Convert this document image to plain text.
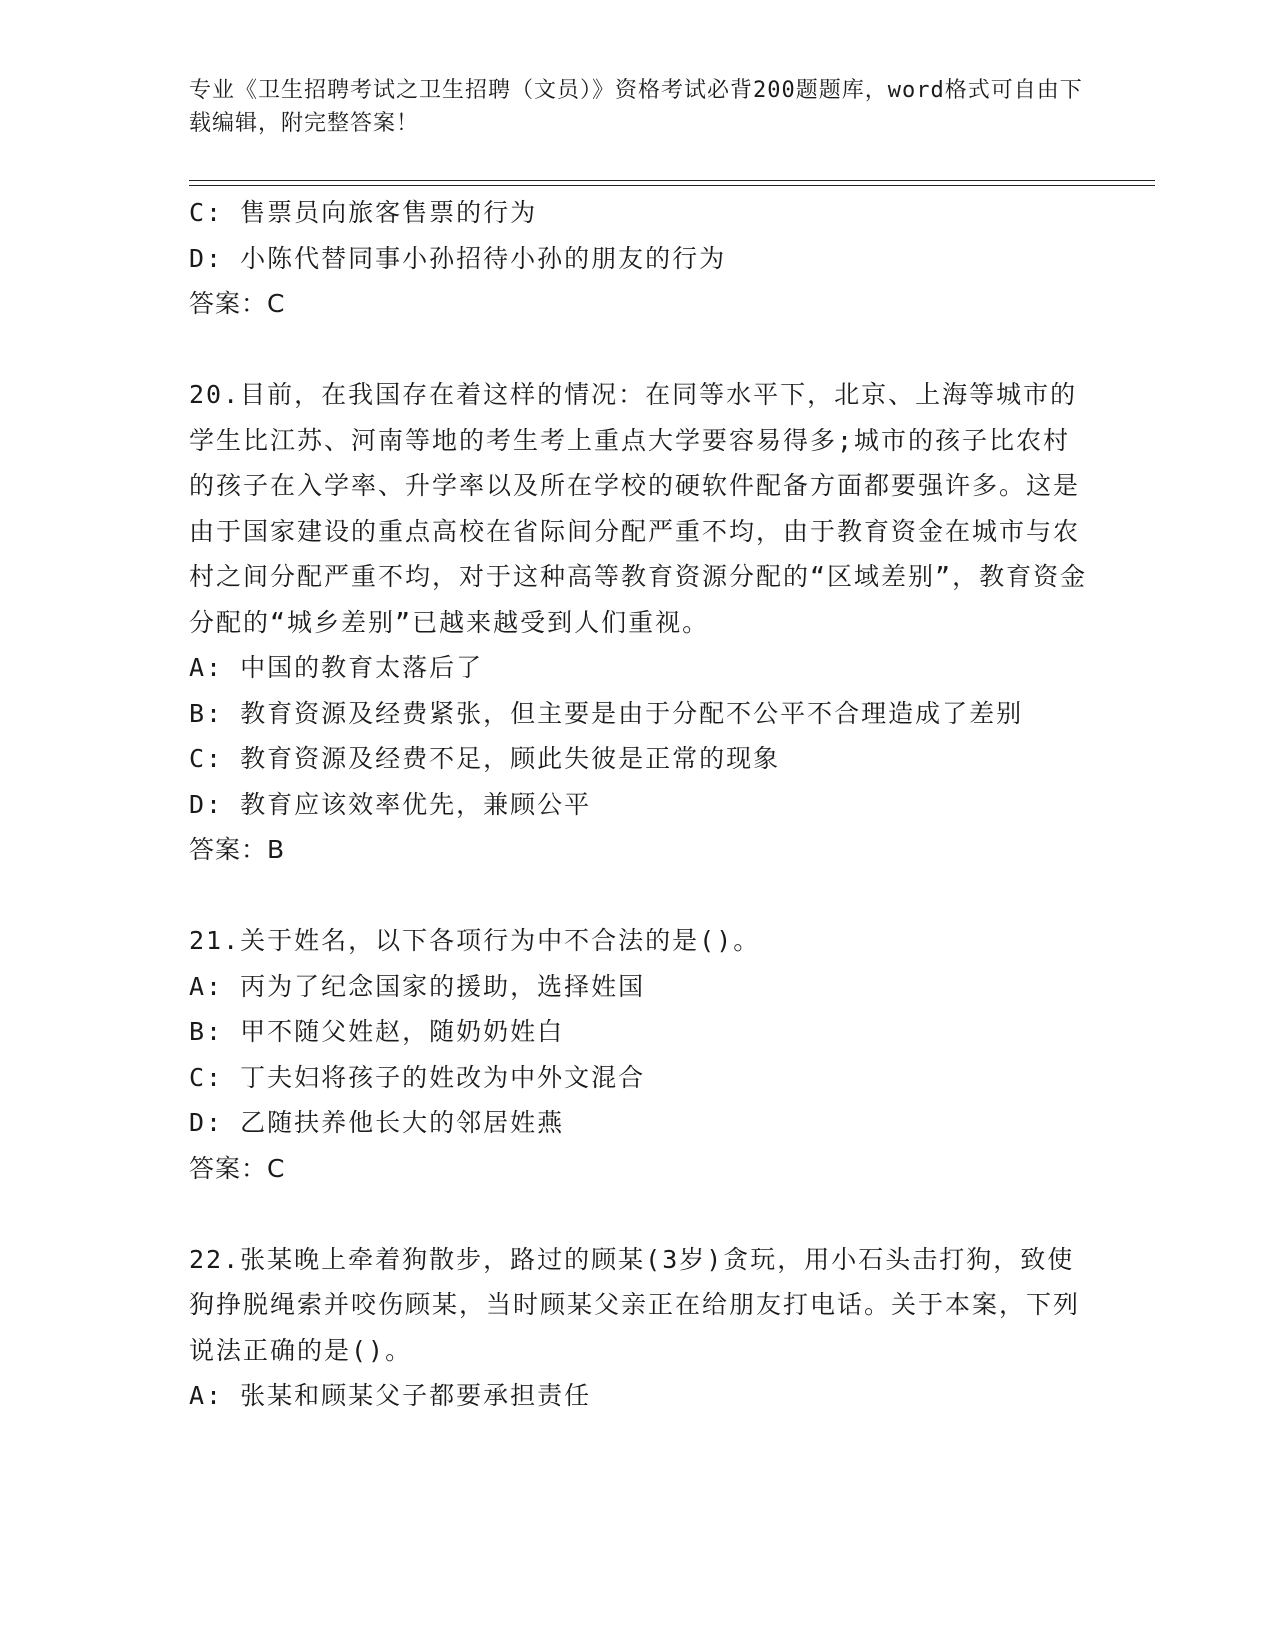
专业《卫生招聘考试之卫生招聘（文员）》资格考试必背200题题库，word格式可自由下载编辑，附完整答案！
C: 售票员向旅客售票的行为
D: 小陈代替同事小孙招待小孙的朋友的行为
答案：C
20.目前，在我国存在着这样的情况：在同等水平下，北京、上海等城市的学生比江苏、河南等地的考生考上重点大学要容易得多;城市的孩子比农村的孩子在入学率、升学率以及所在学校的硬软件配备方面都要强许多。这是由于国家建设的重点高校在省际间分配严重不均，由于教育资金在城市与农村之间分配严重不均，对于这种高等教育资源分配的“区域差别”，教育资金分配的“城乡差别”已越来越受到人们重视。
A: 中国的教育太落后了
B: 教育资源及经费紧张，但主要是由于分配不公平不合理造成了差别
C: 教育资源及经费不足，顾此失彼是正常的现象
D: 教育应该效率优先，兼顾公平
答案：B
21.关于姓名，以下各项行为中不合法的是()。
A: 丙为了纪念国家的援助，选择姓国
B: 甲不随父姓赵，随奶奶姓白
C: 丁夫妇将孩子的姓改为中外文混合
D: 乙随扶养他长大的邻居姓燕
答案：C
22.张某晚上牵着狗散步，路过的顾某(3岁)贪玩，用小石头击打狗，致使狗挣脱绳索并咬伤顾某，当时顾某父亲正在给朋友打电话。关于本案，下列说法正确的是()。
A: 张某和顾某父子都要承担责任
